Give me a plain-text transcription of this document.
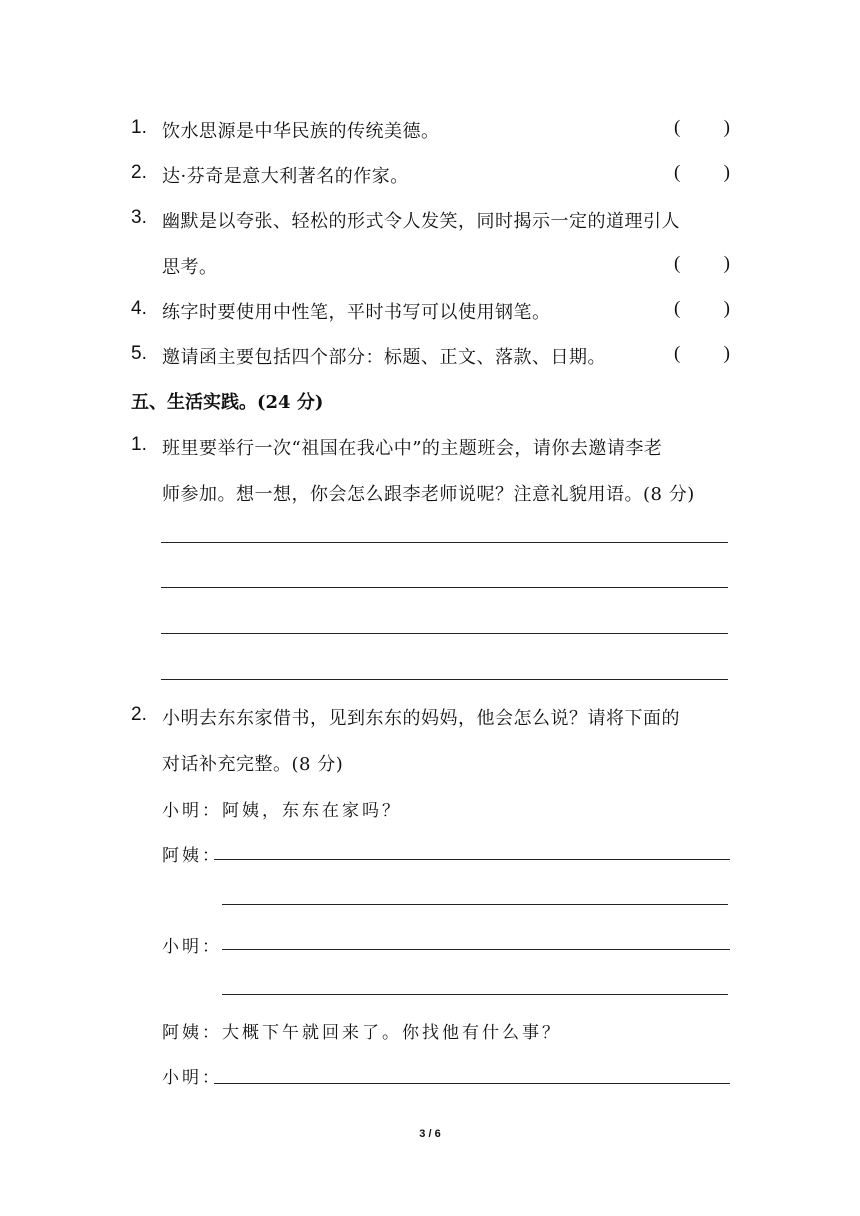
1. 饮水思源是中华民族的传统美德。	( )
2. 达·芬奇是意大利著名的作家。	( )
3. 幽默是以夸张、轻松的形式令人发笑，同时揭示一定的道理引人
思考。	( )
4. 练字时要使用中性笔，平时书写可以使用钢笔。	( )
5. 邀请函主要包括四个部分：标题、正文、落款、日期。	( )
五、生活实践。(24 分)
1. 班里要举行一次“祖国在我心中”的主题班会，请你去邀请李老
师参加。想一想，你会怎么跟李老师说呢？注意礼貌用语。(8 分)
2. 小明去东东家借书，见到东东的妈妈，他会怎么说？请将下面的
对话补充完整。(8 分)
小明：阿姨，东东在家吗？
阿姨：
小明：
阿姨：大概下午就回来了。你找他有什么事？
小明：
3 / 6
